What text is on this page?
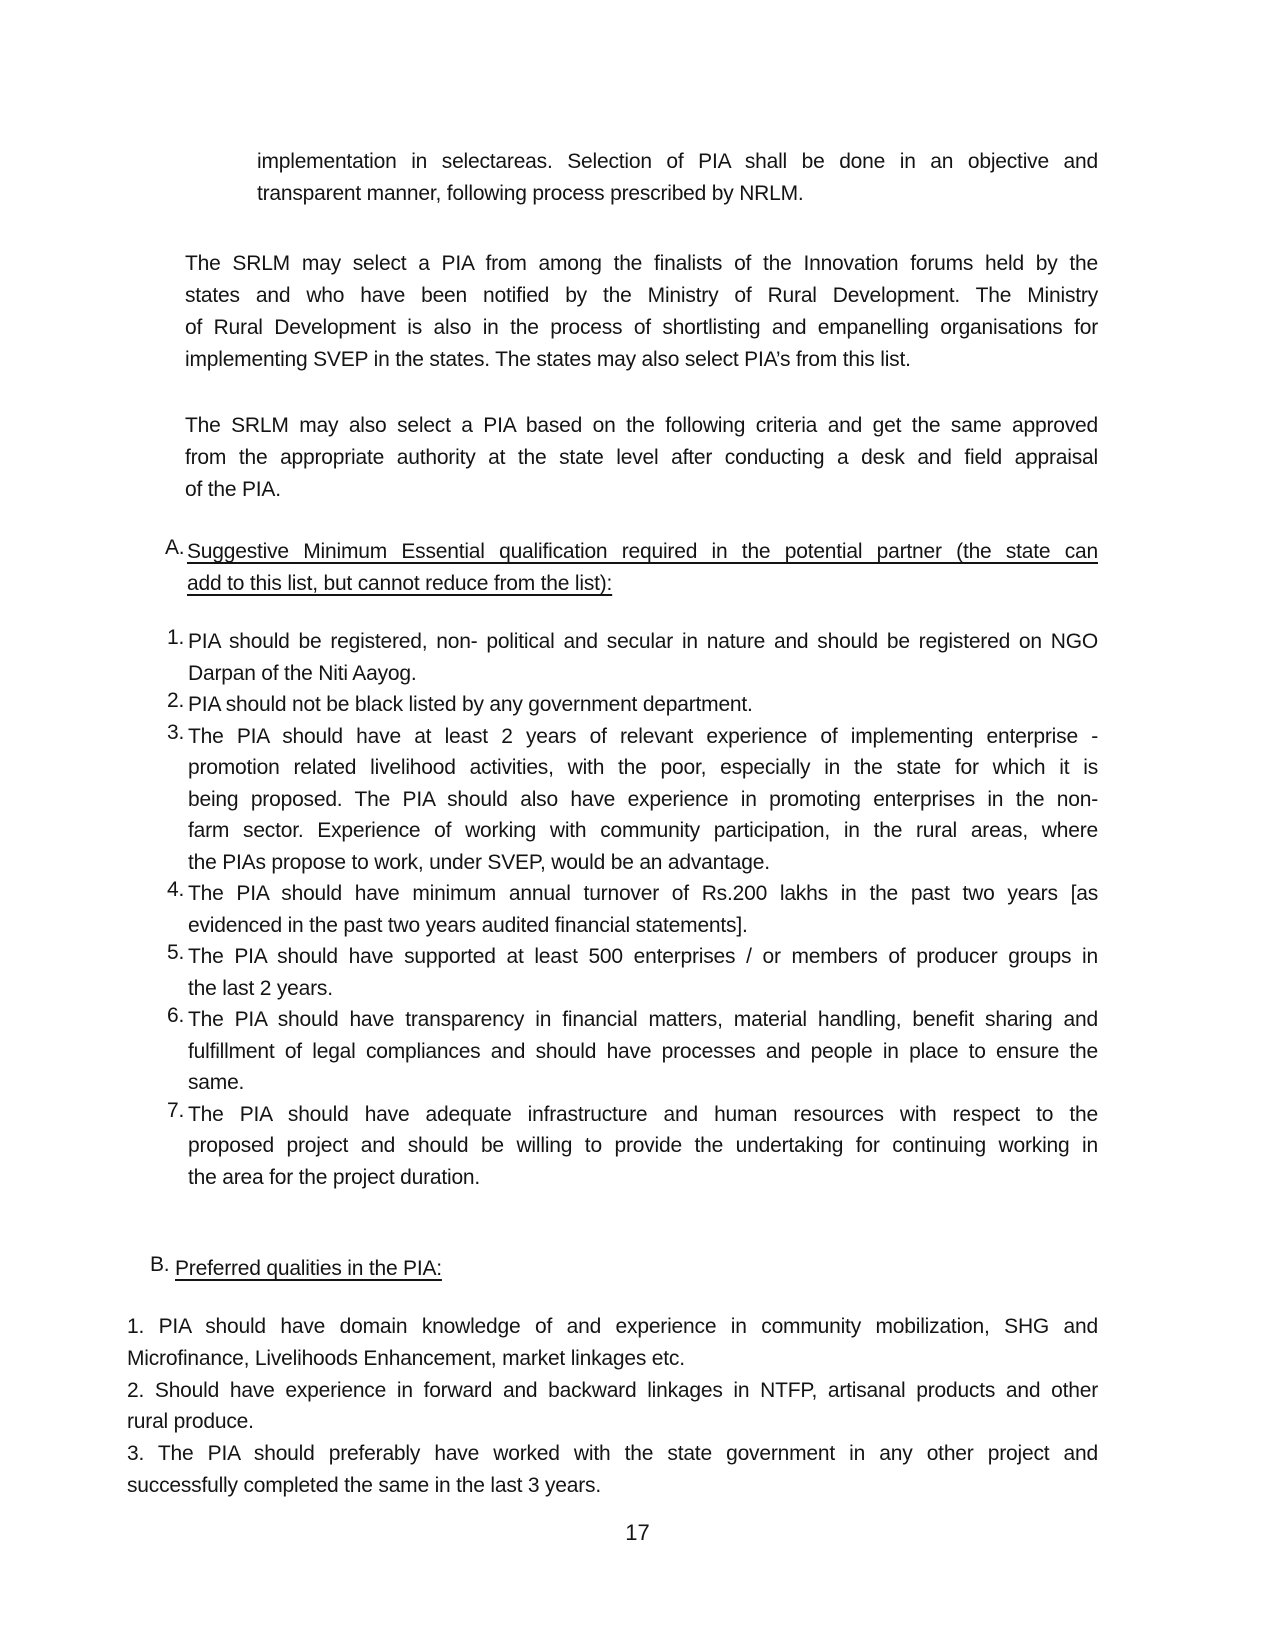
implementation in selectareas. Selection of PIA shall be done in an objective and
transparent manner, following process prescribed by NRLM.
The SRLM may select a PIA from among the finalists of the Innovation forums held by the
states and who have been notified by the Ministry of Rural Development. The Ministry
of Rural Development is also in the process of shortlisting and empanelling organisations for
implementing SVEP in the states. The states may also select PIA’s from this list.
The SRLM may also select a PIA based on the following criteria and get the same approved
from the appropriate authority at the state level after conducting a desk and field appraisal
of the PIA.
A. Suggestive Minimum Essential qualification required in the potential partner (the state can
add to this list, but cannot reduce from the list):
1. PIA should be registered, non- political and secular in nature and should be registered on NGO
Darpan of the Niti Aayog.
2. PIA should not be black listed by any government department.
3. The PIA should have at least 2 years of relevant experience of implementing enterprise -
promotion related livelihood activities, with the poor, especially in the state for which it is
being proposed. The PIA should also have experience in promoting enterprises in the non-
farm sector. Experience of working with community participation, in the rural areas, where
the PIAs propose to work, under SVEP, would be an advantage.
4. The PIA should have minimum annual turnover of Rs.200 lakhs in the past two years [as
evidenced in the past two years audited financial statements].
5. The PIA should have supported at least 500 enterprises / or members of producer groups in
the last 2 years.
6. The PIA should have transparency in financial matters, material handling, benefit sharing and
fulfillment of legal compliances and should have processes and people in place to ensure the
same.
7. The PIA should have adequate infrastructure and human resources with respect to the
proposed project and should be willing to provide the undertaking for continuing working in
the area for the project duration.
B. Preferred qualities in the PIA:
1. PIA should have domain knowledge of and experience in community mobilization, SHG and
Microfinance, Livelihoods Enhancement, market linkages etc.
2. Should have experience in forward and backward linkages in NTFP, artisanal products and other
rural produce.
3. The PIA should preferably have worked with the state government in any other project and
successfully completed the same in the last 3 years.
17
